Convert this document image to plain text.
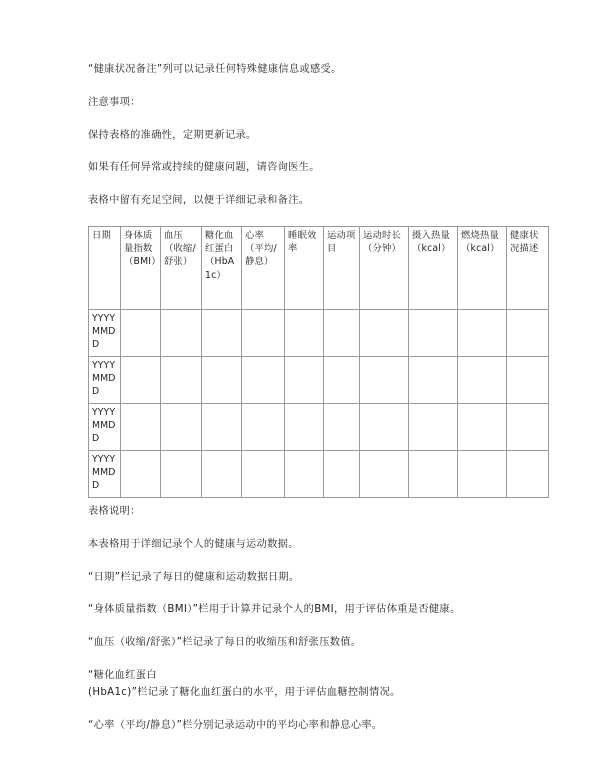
“健康状况备注”列可以记录任何特殊健康信息或感受。

注意事项：

保持表格的准确性，定期更新记录。

如果有任何异常或持续的健康问题，请咨询医生。

表格中留有充足空间，以便于详细记录和备注。

日期	身体质量指数（BMI）	血压（收缩/舒张）	糖化血红蛋白（HbA1c）	心率（平均/静息）	睡眠效率	运动项目	运动时长（分钟）	摄入热量（kcal）	燃烧热量（kcal）	健康状况描述
YYYYMMDD										
YYYYMMDD										
YYYYMMDD										
YYYYMMDD										

表格说明：

本表格用于详细记录个人的健康与运动数据。

“日期”栏记录了每日的健康和运动数据日期。

“身体质量指数（BMI）”栏用于计算并记录个人的BMI，用于评估体重是否健康。

“血压（收缩/舒张）”栏记录了每日的收缩压和舒张压数值。

“糖化血红蛋白

(HbA1c)”栏记录了糖化血红蛋白的水平，用于评估血糖控制情况。

“心率（平均/静息）”栏分别记录运动中的平均心率和静息心率。
